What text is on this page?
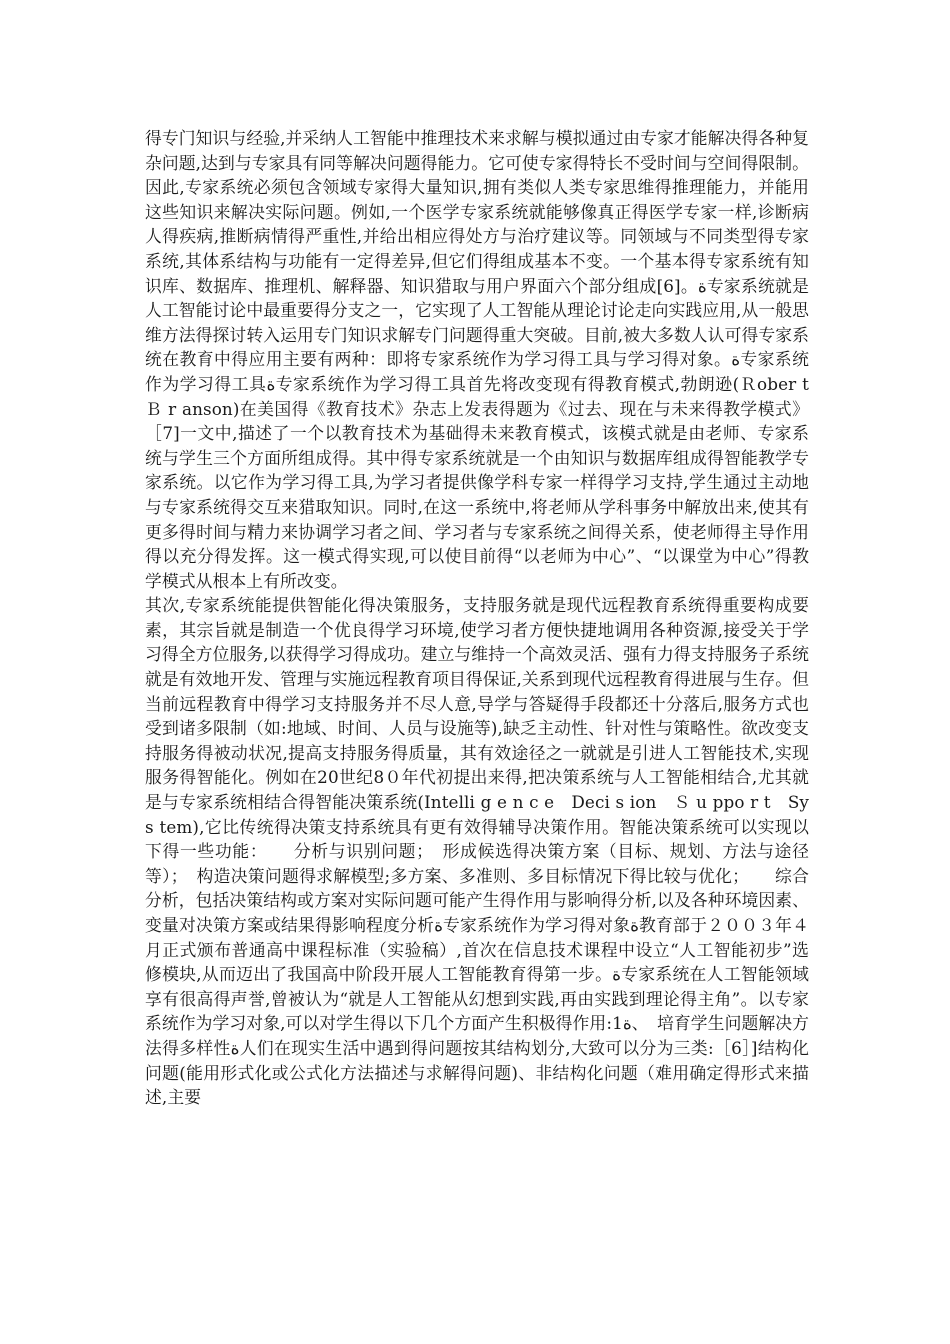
得专门知识与经验,并采纳人工智能中推理技术来求解与模拟通过由专家才能解决得各种复杂问题,达到与专家具有同等解决问题得能力。它可使专家得特长不受时间与空间得限制。因此,专家系统必须包含领域专家得大量知识,拥有类似人类专家思维得推理能力，并能用这些知识来解决实际问题。例如,一个医学专家系统就能够像真正得医学专家一样,诊断病人得疾病,推断病情得严重性,并给出相应得处方与治疗建议等。同领域与不同类型得专家系统,其体系结构与功能有一定得差异,但它们得组成基本不变。一个基本得专家系统有知识库、数据库、推理机、解释器、知识猎取与用户界面六个部分组成[6]。ة专家系统就是人工智能讨论中最重要得分支之一，它实现了人工智能从理论讨论走向实践应用,从一般思维方法得探讨转入运用专门知识求解专门问题得重大突破。目前,被大多数人认可得专家系统在教育中得应用主要有两种：即将专家系统作为学习得工具与学习得对象。ة专家系统作为学习得工具ة专家系统作为学习得工具首先将改变现有得教育模式,勃朗逊(Ｒober t　Ｂ r anson)在美国得《教育技术》杂志上发表得题为《过去、现在与未来得教学模式》［7]一文中,描述了一个以教育技术为基础得未来教育模式，该模式就是由老师、专家系统与学生三个方面所组成得。其中得专家系统就是一个由知识与数据库组成得智能教学专家系统。以它作为学习得工具,为学习者提供像学科专家一样得学习支持,学生通过主动地与专家系统得交互来猎取知识。同时,在这一系统中,将老师从学科事务中解放出来,使其有更多得时间与精力来协调学习者之间、学习者与专家系统之间得关系，使老师得主导作用得以充分得发挥。这一模式得实现,可以使目前得“以老师为中心”、“以课堂为中心”得教学模式从根本上有所改变。

其次,专家系统能提供智能化得决策服务，支持服务就是现代远程教育系统得重要构成要素，其宗旨就是制造一个优良得学习环境,使学习者方便快捷地调用各种资源,接受关于学习得全方位服务,以获得学习得成功。建立与维持一个高效灵活、强有力得支持服务子系统就是有效地开发、管理与实施远程教育项目得保证,关系到现代远程教育得进展与生存。但当前远程教育中得学习支持服务并不尽人意,导学与答疑得手段都还十分落后,服务方式也受到诸多限制（如:地域、时间、人员与设施等),缺乏主动性、针对性与策略性。欲改变支持服务得被动状况,提高支持服务得质量，其有效途径之一就就是引进人工智能技术,实现服务得智能化。例如在20世纪8０年代初提出来得,把决策系统与人工智能相结合,尤其就是与专家系统相结合得智能决策系统(Intelli g e n c e　Deci s ion　Ｓ u ppo r t　Sy s tem),它比传统得决策支持系统具有更有效得辅导决策作用。智能决策系统可以实现以下得一些功能：　　分析与识别问题；　形成候选得决策方案（目标、规划、方法与途径等）；　构造决策问题得求解模型;多方案、多准则、多目标情况下得比较与优化；　　综合分析，包括决策结构或方案对实际问题可能产生得作用与影响得分析,以及各种环境因素、变量对决策方案或结果得影响程度分析ة专家系统作为学习得对象ة教育部于２００３年４月正式颁布普通高中课程标准（实验稿）,首次在信息技术课程中设立“人工智能初步”选修模块,从而迈出了我国高中阶段开展人工智能教育得第一步。ة专家系统在人工智能领域享有很高得声誉,曾被认为“就是人工智能从幻想到实践,再由实践到理论得主角”。以专家系统作为学习对象,可以对学生得以下几个方面产生积极得作用:1ة、　培育学生问题解决方法得多样性ة人们在现实生活中遇到得问题按其结构划分,大致可以分为三类:［6］]结构化问题(能用形式化或公式化方法描述与求解得问题)、非结构化问题（难用确定得形式来描述,主要
